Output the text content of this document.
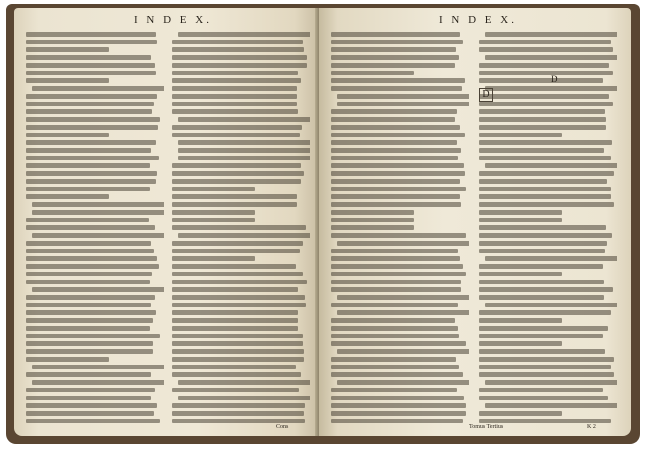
I N D E X.
Cons
I N D E X.
D
D
Tomus Tertius	K 2
